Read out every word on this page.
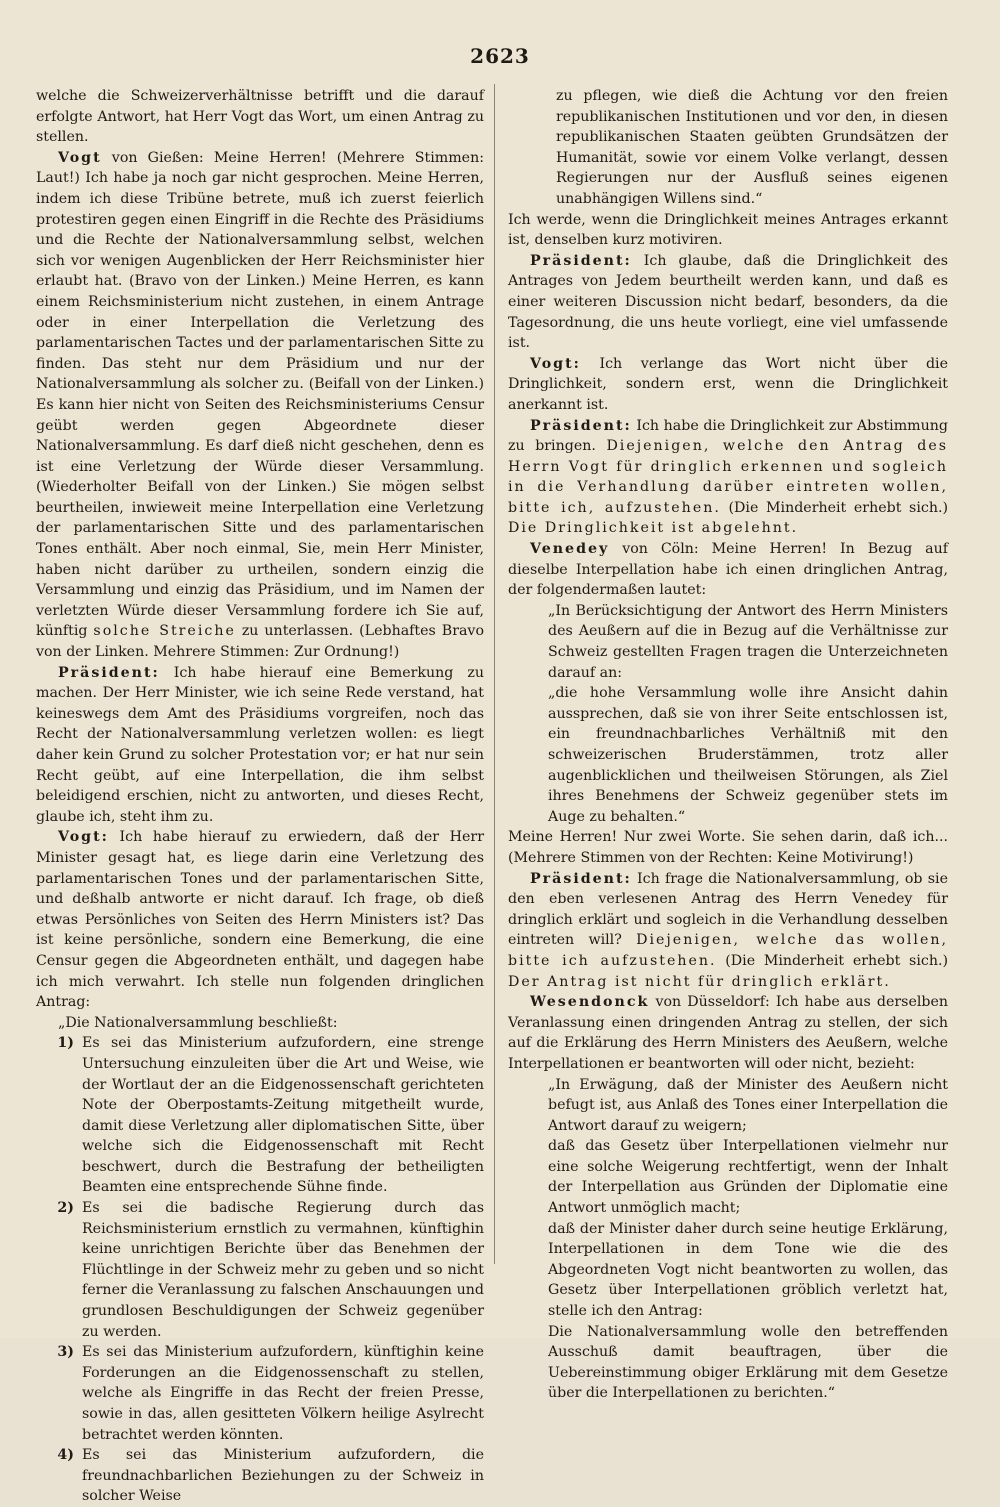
2623

welche die Schweizerverhältnisse betrifft und die darauf erfolgte Antwort, hat Herr Vogt das Wort, um einen Antrag zu stellen.

Vogt von Gießen: Meine Herren! (Mehrere Stimmen: Laut!) Ich habe ja noch gar nicht gesprochen. Meine Herren, indem ich diese Tribüne betrete, muß ich zuerst feierlich protestiren gegen einen Eingriff in die Rechte des Präsidiums und die Rechte der Nationalversammlung selbst, welchen sich vor wenigen Augenblicken der Herr Reichsminister hier erlaubt hat. (Bravo von der Linken.) Meine Herren, es kann einem Reichsministerium nicht zustehen, in einem Antrage oder in einer Interpellation die Verletzung des parlamentarischen Tactes und der parlamentarischen Sitte zu finden. Das steht nur dem Präsidium und nur der Nationalversammlung als solcher zu. (Beifall von der Linken.) Es kann hier nicht von Seiten des Reichsministeriums Censur geübt werden gegen Abgeordnete dieser Nationalversammlung. Es darf dieß nicht geschehen, denn es ist eine Verletzung der Würde dieser Versammlung. (Wiederholter Beifall von der Linken.) Sie mögen selbst beurtheilen, inwieweit meine Interpellation eine Verletzung der parlamentarischen Sitte und des parlamentarischen Tones enthält. Aber noch einmal, Sie, mein Herr Minister, haben nicht darüber zu urtheilen, sondern einzig die Versammlung und einzig das Präsidium, und im Namen der verletzten Würde dieser Versammlung fordere ich Sie auf, künftig solche Streiche zu unterlassen. (Lebhaftes Bravo von der Linken. Mehrere Stimmen: Zur Ordnung!)

Präsident: Ich habe hierauf eine Bemerkung zu machen. Der Herr Minister, wie ich seine Rede verstand, hat keineswegs dem Amt des Präsidiums vorgreifen, noch das Recht der Nationalversammlung verletzen wollen: es liegt daher kein Grund zu solcher Protestation vor; er hat nur sein Recht geübt, auf eine Interpellation, die ihm selbst beleidigend erschien, nicht zu antworten, und dieses Recht, glaube ich, steht ihm zu.

Vogt: Ich habe hierauf zu erwiedern, daß der Herr Minister gesagt hat, es liege darin eine Verletzung des parlamentarischen Tones und der parlamentarischen Sitte, und deßhalb antworte er nicht darauf. Ich frage, ob dieß etwas Persönliches von Seiten des Herrn Ministers ist? Das ist keine persönliche, sondern eine Bemerkung, die eine Censur gegen die Abgeordneten enthält, und dagegen habe ich mich verwahrt. Ich stelle nun folgenden dringlichen Antrag:

„Die Nationalversammlung beschließt:

1) Es sei das Ministerium aufzufordern, eine strenge Untersuchung einzuleiten über die Art und Weise, wie der Wortlaut der an die Eidgenossenschaft gerichteten Note der Oberpostamts-Zeitung mitgetheilt wurde, damit diese Verletzung aller diplomatischen Sitte, über welche sich die Eidgenossenschaft mit Recht beschwert, durch die Bestrafung der betheiligten Beamten eine entsprechende Sühne finde.
2) Es sei die badische Regierung durch das Reichsministerium ernstlich zu vermahnen, künftighin keine unrichtigen Berichte über das Benehmen der Flüchtlinge in der Schweiz mehr zu geben und so nicht ferner die Veranlassung zu falschen Anschauungen und grundlosen Beschuldigungen der Schweiz gegenüber zu werden.
3) Es sei das Ministerium aufzufordern, künftighin keine Forderungen an die Eidgenossenschaft zu stellen, welche als Eingriffe in das Recht der freien Presse, sowie in das, allen gesitteten Völkern heilige Asylrecht betrachtet werden könnten.
4) Es sei das Ministerium aufzufordern, die freundnachbarlichen Beziehungen zu der Schweiz in solcher Weise

zu pflegen, wie dieß die Achtung vor den freien republikanischen Institutionen und vor den, in diesen republikanischen Staaten geübten Grundsätzen der Humanität, sowie vor einem Volke verlangt, dessen Regierungen nur der Ausfluß seines eigenen unabhängigen Willens sind.“

Ich werde, wenn die Dringlichkeit meines Antrages erkannt ist, denselben kurz motiviren.

Präsident: Ich glaube, daß die Dringlichkeit des Antrages von Jedem beurtheilt werden kann, und daß es einer weiteren Discussion nicht bedarf, besonders, da die Tagesordnung, die uns heute vorliegt, eine viel umfassende ist.

Vogt: Ich verlange das Wort nicht über die Dringlichkeit, sondern erst, wenn die Dringlichkeit anerkannt ist.

Präsident: Ich habe die Dringlichkeit zur Abstimmung zu bringen. Diejenigen, welche den Antrag des Herrn Vogt für dringlich erkennen und sogleich in die Verhandlung darüber eintreten wollen, bitte ich, aufzustehen. (Die Minderheit erhebt sich.) Die Dringlichkeit ist abgelehnt.

Venedey von Cöln: Meine Herren! In Bezug auf dieselbe Interpellation habe ich einen dringlichen Antrag, der folgendermaßen lautet:

„In Berücksichtigung der Antwort des Herrn Ministers des Aeußern auf die in Bezug auf die Verhältnisse zur Schweiz gestellten Fragen tragen die Unterzeichneten darauf an:

„die hohe Versammlung wolle ihre Ansicht dahin aussprechen, daß sie von ihrer Seite entschlossen ist, ein freundnachbarliches Verhältniß mit den schweizerischen Bruderstämmen, trotz aller augenblicklichen und theilweisen Störungen, als Ziel ihres Benehmens der Schweiz gegenüber stets im Auge zu behalten.“

Meine Herren! Nur zwei Worte. Sie sehen darin, daß ich... (Mehrere Stimmen von der Rechten: Keine Motivirung!)

Präsident: Ich frage die Nationalversammlung, ob sie den eben verlesenen Antrag des Herrn Venedey für dringlich erklärt und sogleich in die Verhandlung desselben eintreten will? Diejenigen, welche das wollen, bitte ich aufzustehen. (Die Minderheit erhebt sich.) Der Antrag ist nicht für dringlich erklärt.

Wesendonck von Düsseldorf: Ich habe aus derselben Veranlassung einen dringenden Antrag zu stellen, der sich auf die Erklärung des Herrn Ministers des Aeußern, welche Interpellationen er beantworten will oder nicht, bezieht:

„In Erwägung, daß der Minister des Aeußern nicht befugt ist, aus Anlaß des Tones einer Interpellation die Antwort darauf zu weigern;

daß das Gesetz über Interpellationen vielmehr nur eine solche Weigerung rechtfertigt, wenn der Inhalt der Interpellation aus Gründen der Diplomatie eine Antwort unmöglich macht;

daß der Minister daher durch seine heutige Erklärung, Interpellationen in dem Tone wie die des Abgeordneten Vogt nicht beantworten zu wollen, das Gesetz über Interpellationen gröblich verletzt hat, stelle ich den Antrag:

Die Nationalversammlung wolle den betreffenden Ausschuß damit beauftragen, über die Uebereinstimmung obiger Erklärung mit dem Gesetze über die Interpellationen zu berichten.“
